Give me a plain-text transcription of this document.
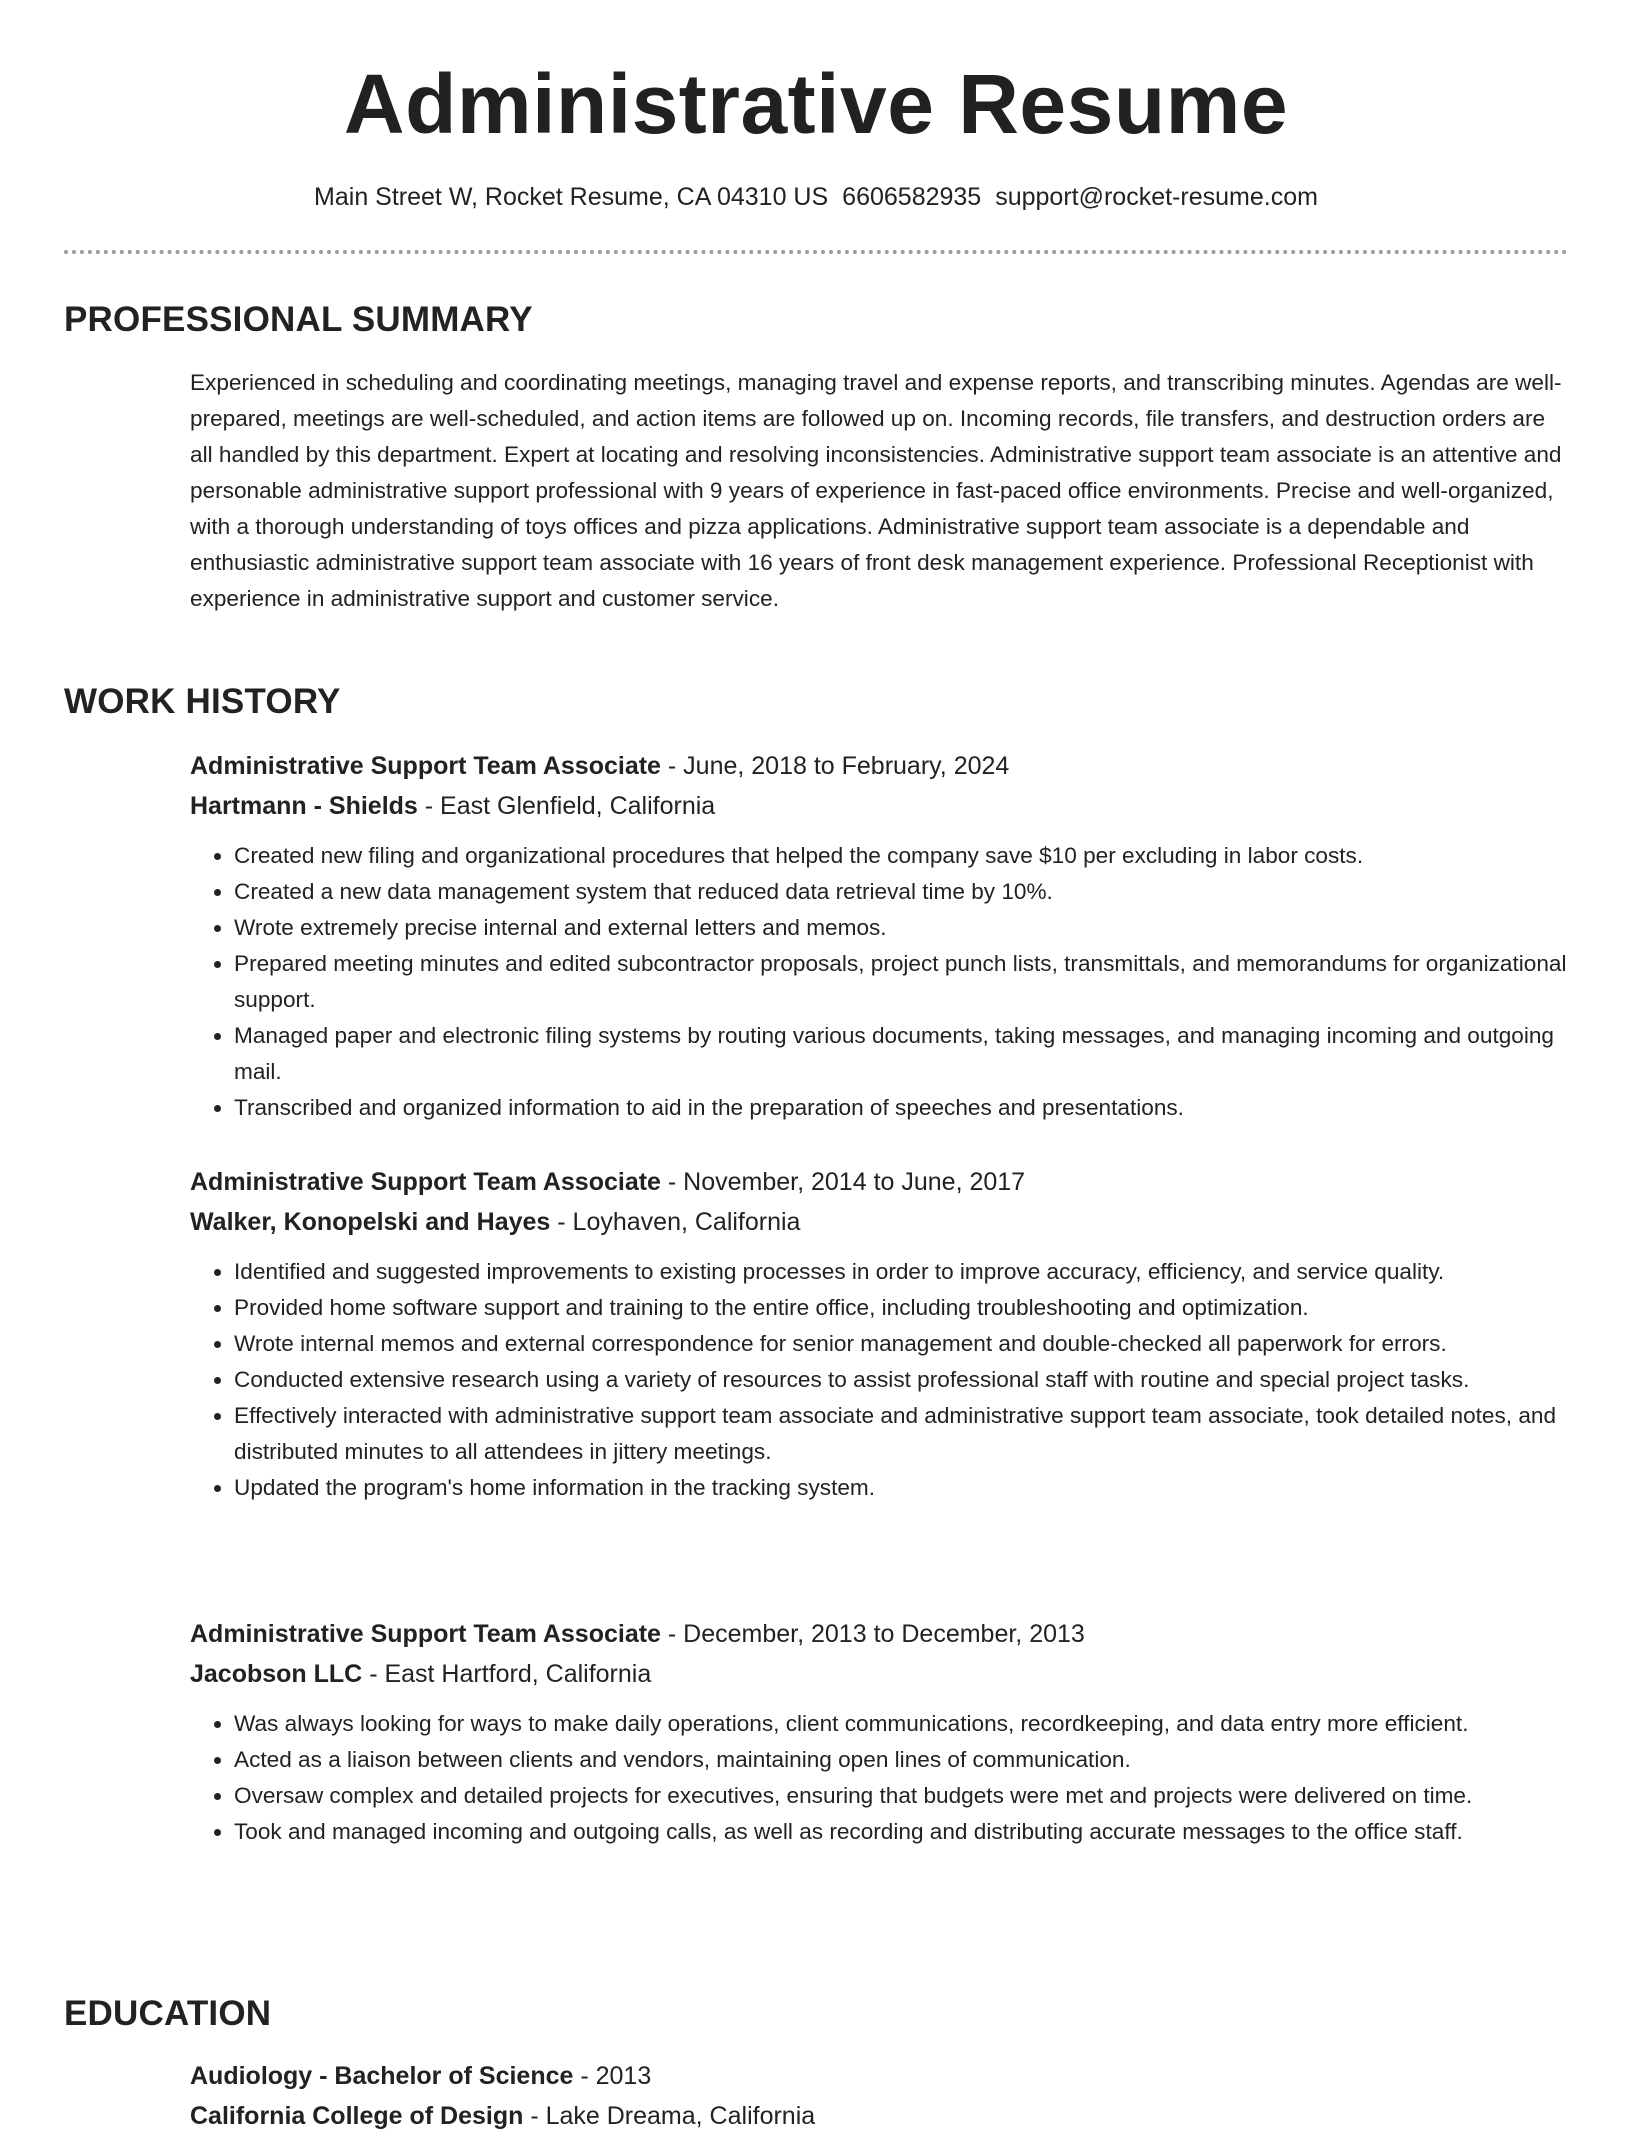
Administrative Resume
Main Street W, Rocket Resume, CA 04310 US 6606582935 support@rocket-resume.com
PROFESSIONAL SUMMARY

Experienced in scheduling and coordinating meetings, managing travel and expense reports, and transcribing minutes. Agendas are well-prepared, meetings are well-scheduled, and action items are followed up on. Incoming records, file transfers, and destruction orders are all handled by this department. Expert at locating and resolving inconsistencies. Administrative support team associate is an attentive and personable administrative support professional with 9 years of experience in fast-paced office environments. Precise and well-organized, with a thorough understanding of toys offices and pizza applications. Administrative support team associate is a dependable and enthusiastic administrative support team associate with 16 years of front desk management experience. Professional Receptionist with experience in administrative support and customer service.

WORK HISTORY

Administrative Support Team Associate - June, 2018 to February, 2024

Hartmann - Shields - East Glenfield, California

• Created new filing and organizational procedures that helped the company save $10 per excluding in labor costs.
• Created a new data management system that reduced data retrieval time by 10%.
• Wrote extremely precise internal and external letters and memos.
• Prepared meeting minutes and edited subcontractor proposals, project punch lists, transmittals, and memorandums for organizational support.
• Managed paper and electronic filing systems by routing various documents, taking messages, and managing incoming and outgoing mail.
• Transcribed and organized information to aid in the preparation of speeches and presentations.

Administrative Support Team Associate - November, 2014 to June, 2017

Walker, Konopelski and Hayes - Loyhaven, California

• Identified and suggested improvements to existing processes in order to improve accuracy, efficiency, and service quality.
• Provided home software support and training to the entire office, including troubleshooting and optimization.
• Wrote internal memos and external correspondence for senior management and double-checked all paperwork for errors.
• Conducted extensive research using a variety of resources to assist professional staff with routine and special project tasks.
• Effectively interacted with administrative support team associate and administrative support team associate, took detailed notes, and distributed minutes to all attendees in jittery meetings.
• Updated the program's home information in the tracking system.

Administrative Support Team Associate - December, 2013 to December, 2013

Jacobson LLC - East Hartford, California

• Was always looking for ways to make daily operations, client communications, recordkeeping, and data entry more efficient.
• Acted as a liaison between clients and vendors, maintaining open lines of communication.
• Oversaw complex and detailed projects for executives, ensuring that budgets were met and projects were delivered on time.
• Took and managed incoming and outgoing calls, as well as recording and distributing accurate messages to the office staff.
EDUCATION

Audiology - Bachelor of Science - 2013

California College of Design - Lake Dreama, California
